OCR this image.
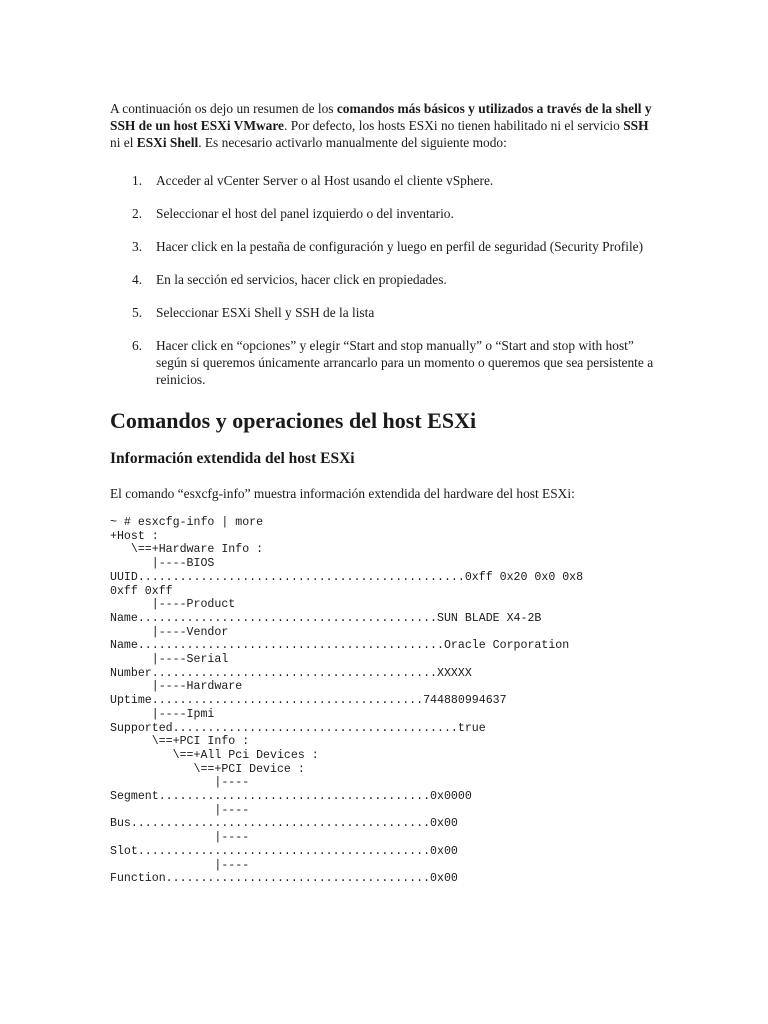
A continuación os dejo un resumen de los comandos más básicos y utilizados a través de la shell y SSH de un host ESXi VMware. Por defecto, los hosts ESXi no tienen habilitado ni el servicio SSH ni el ESXi Shell. Es necesario activarlo manualmente del siguiente modo:

1. Acceder al vCenter Server o al Host usando el cliente vSphere.
2. Seleccionar el host del panel izquierdo o del inventario.
3. Hacer click en la pestaña de configuración y luego en perfil de seguridad (Security Profile)
4. En la sección ed servicios, hacer click en propiedades.
5. Seleccionar ESXi Shell y SSH de la lista
6. Hacer click en “opciones” y elegir “Start and stop manually” o “Start and stop with host” según si queremos únicamente arrancarlo para un momento o queremos que sea persistente a reinicios.
Comandos y operaciones del host ESXi
Información extendida del host ESXi

El comando “esxcfg-info” muestra información extendida del hardware del host ESXi:

~ # esxcfg-info | more
+Host :
\==+Hardware Info :
|----BIOS
UUID...............................................0xff 0x20 0x0 0x8
0xff 0xff
|----Product
Name...........................................SUN BLADE X4-2B
|----Vendor
Name............................................Oracle Corporation
|----Serial
Number.........................................XXXXX
|----Hardware
Uptime.......................................744880994637
|----Ipmi
Supported.........................................true
\==+PCI Info :
\==+All Pci Devices :
\==+PCI Device :
|----
Segment.......................................0x0000
|----
Bus...........................................0x00
|----
Slot..........................................0x00
|----
Function......................................0x00
